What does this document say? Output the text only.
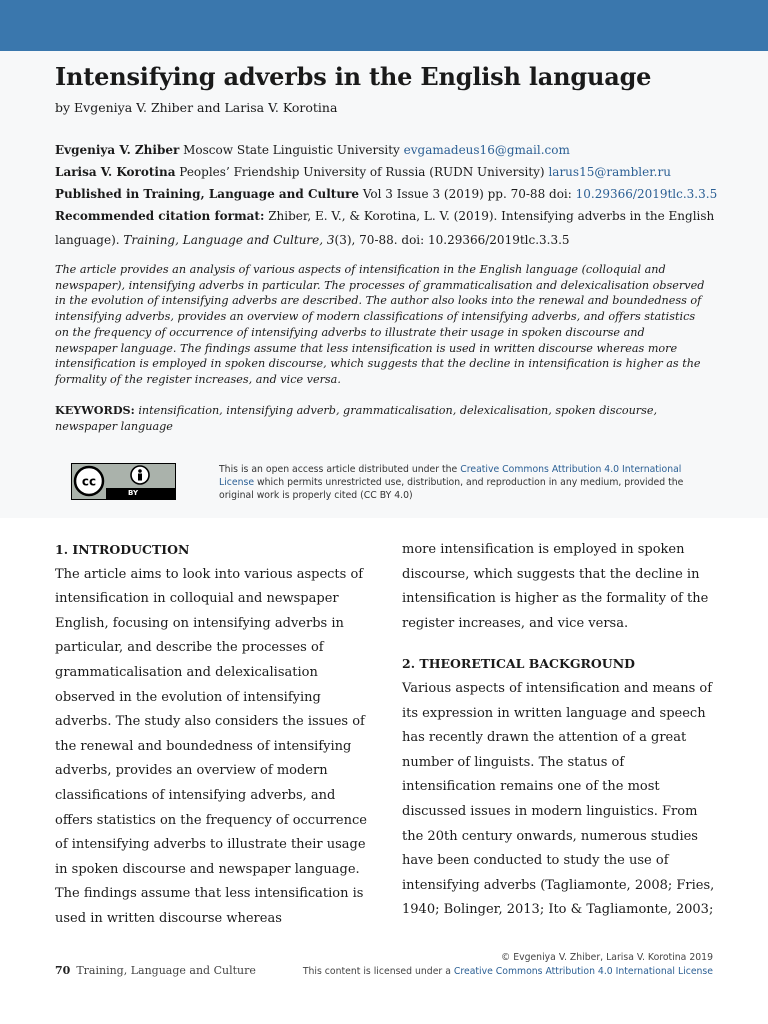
Intensifying adverbs in the English language
by Evgeniya V. Zhiber and Larisa V. Korotina
Evgeniya V. Zhiber Moscow State Linguistic University evgamadeus16@gmail.com
Larisa V. Korotina Peoples’ Friendship University of Russia (RUDN University) larus15@rambler.ru
Published in Training, Language and Culture Vol 3 Issue 3 (2019) pp. 70-88 doi: 10.29366/2019tlc.3.3.5
Recommended citation format: Zhiber, E. V., & Korotina, L. V. (2019). Intensifying adverbs in the English
language). Training, Language and Culture, 3(3), 70-88. doi: 10.29366/2019tlc.3.3.5

The article provides an analysis of various aspects of intensification in the English language (colloquial and newspaper), intensifying adverbs in particular. The processes of grammaticalisation and delexicalisation observed in the evolution of intensifying adverbs are described. The author also looks into the renewal and boundedness of intensifying adverbs, provides an overview of modern classifications of intensifying adverbs, and offers statistics on the frequency of occurrence of intensifying adverbs to illustrate their usage in spoken discourse and newspaper language. The findings assume that less intensification is used in written discourse whereas more intensification is employed in spoken discourse, which suggests that the decline in intensification is higher as the formality of the register increases, and vice versa.

KEYWORDS: intensification, intensifying adverb, grammaticalisation, delexicalisation, spoken discourse, newspaper language

cc
BY

This is an open access article distributed under the Creative Commons Attribution 4.0 International License which permits unrestricted use, distribution, and reproduction in any medium, provided the original work is properly cited (CC BY 4.0)

1. INTRODUCTION

The article aims to look into various aspects of intensification in colloquial and newspaper English, focusing on intensifying adverbs in particular, and describe the processes of grammaticalisation and delexicalisation observed in the evolution of intensifying adverbs. The study also considers the issues of the renewal and boundedness of intensifying adverbs, provides an overview of modern classifications of intensifying adverbs, and offers statistics on the frequency of occurrence of intensifying adverbs to illustrate their usage in spoken discourse and newspaper language. The findings assume that less intensification is used in written discourse whereas

more intensification is employed in spoken discourse, which suggests that the decline in intensification is higher as the formality of the register increases, and vice versa.

2. THEORETICAL BACKGROUND

Various aspects of intensification and means of its expression in written language and speech has recently drawn the attention of a great number of linguists. The status of intensification remains one of the most discussed issues in modern linguistics. From the 20th century onwards, numerous studies have been conducted to study the use of intensifying adverbs (Tagliamonte, 2008; Fries, 1940; Bolinger, 2013; Ito & Tagliamonte, 2003;

© Evgeniya V. Zhiber, Larisa V. Korotina 2019
This content is licensed under a Creative Commons Attribution 4.0 International License

70 Training, Language and Culture
